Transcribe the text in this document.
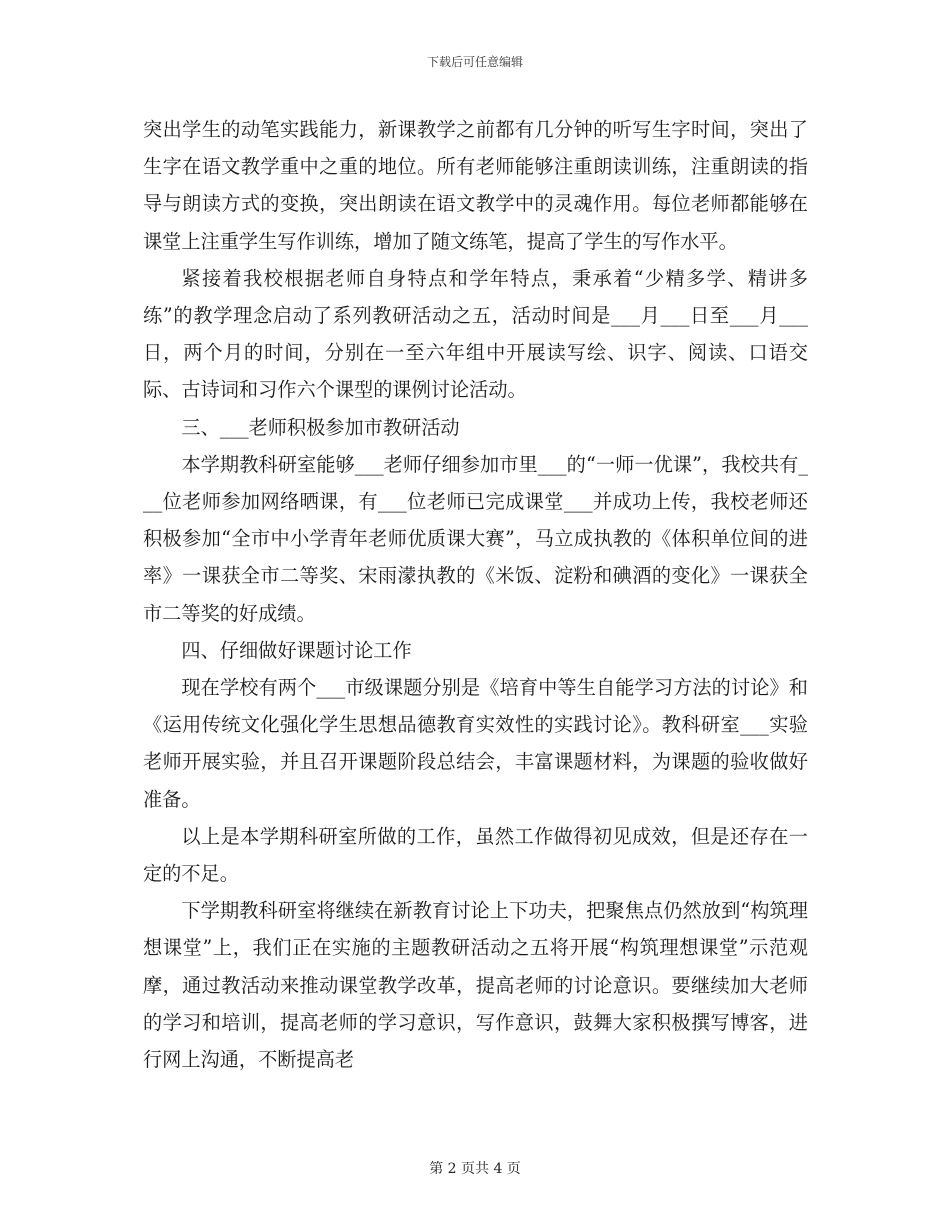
下载后可任意编辑

突出学生的动笔实践能力，新课教学之前都有几分钟的听写生字时间，突出了生字在语文教学重中之重的地位。所有老师能够注重朗读训练，注重朗读的指导与朗读方式的变换，突出朗读在语文教学中的灵魂作用。每位老师都能够在课堂上注重学生写作训练，增加了随文练笔，提高了学生的写作水平。

紧接着我校根据老师自身特点和学年特点，秉承着“少精多学、精讲多练”的教学理念启动了系列教研活动之五，活动时间是___月___日至___月___日，两个月的时间，分别在一至六年组中开展读写绘、识字、阅读、口语交际、古诗词和习作六个课型的课例讨论活动。

三、___老师积极参加市教研活动

本学期教科研室能够___老师仔细参加市里___的“一师一优课”，我校共有___位老师参加网络晒课，有___位老师已完成课堂___并成功上传，我校老师还积极参加“全市中小学青年老师优质课大赛”，马立成执教的《体积单位间的进率》一课获全市二等奖、宋雨濛执教的《米饭、淀粉和碘酒的变化》一课获全市二等奖的好成绩。

四、仔细做好课题讨论工作

现在学校有两个___市级课题分别是《培育中等生自能学习方法的讨论》和《运用传统文化强化学生思想品德教育实效性的实践讨论》。教科研室___实验老师开展实验，并且召开课题阶段总结会，丰富课题材料，为课题的验收做好准备。

以上是本学期科研室所做的工作，虽然工作做得初见成效，但是还存在一定的不足。

下学期教科研室将继续在新教育讨论上下功夫，把聚焦点仍然放到“构筑理想课堂”上，我们正在实施的主题教研活动之五将开展“构筑理想课堂”示范观摩，通过教活动来推动课堂教学改革，提高老师的讨论意识。要继续加大老师的学习和培训，提高老师的学习意识，写作意识，鼓舞大家积极撰写博客，进行网上沟通，不断提高老

第 2 页共 4 页
